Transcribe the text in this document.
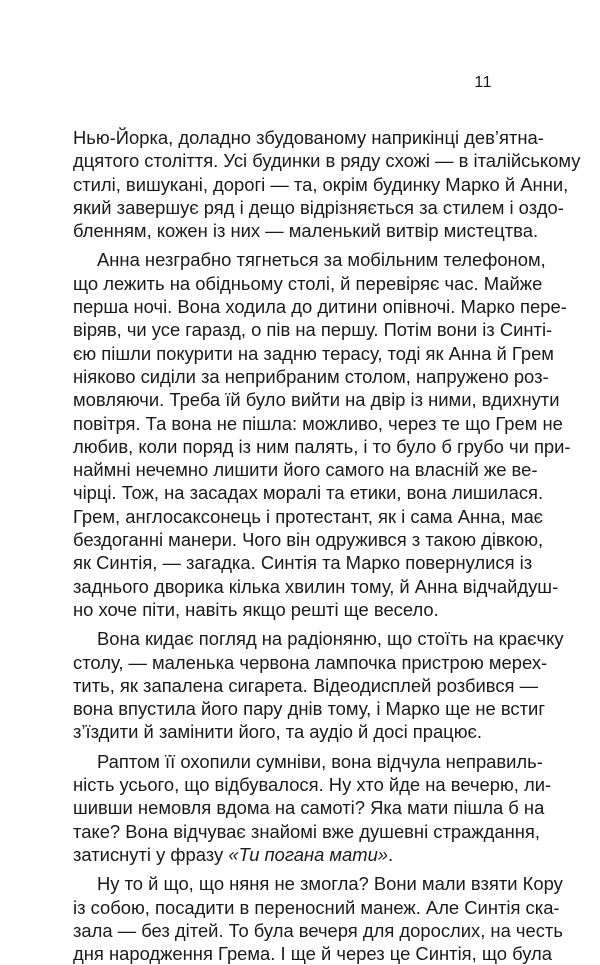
11
Нью-Йорка, доладно збудованому наприкінці дев’ятна-
дцятого століття. Усі будинки в ряду схожі — в італійському
стилі, вишукані, дорогі — та, окрім будинку Марко й Анни,
який завершує ряд і дещо відрізняється за стилем і оздо-
бленням, кожен із них — маленький витвір мистецтва.
Анна незграбно тягнеться за мобільним телефоном,
що лежить на обідньому столі, й перевіряє час. Майже
перша ночі. Вона ходила до дитини опівночі. Марко пере-
віряв, чи усе гаразд, о пів на першу. Потім вони із Синті-
єю пішли покурити на задню терасу, тоді як Анна й Грем
ніяково сиділи за неприбраним столом, напружено роз-
мовляючи. Треба їй було вийти на двір із ними, вдихнути
повітря. Та вона не пішла: можливо, через те що Грем не
любив, коли поряд із ним палять, і то було б грубо чи при-
наймні нечемно лишити його самого на власній же ве-
чірці. Тож, на засадах моралі та етики, вона лишилася.
Грем, англосаксонець і протестант, як і сама Анна, має
бездоганні манери. Чого він одружився з такою дівкою,
як Синтія, — загадка. Синтія та Марко повернулися із
заднього дворика кілька хвилин тому, й Анна відчайдуш-
но хоче піти, навіть якщо решті ще весело.
Вона кидає погляд на радіоняню, що стоїть на краєчку
столу, — маленька червона лампочка пристрою мерех-
тить, як запалена сигарета. Відеодисплей розбився —
вона впустила його пару днів тому, і Марко ще не встиг
з’їздити й замінити його, та аудіо й досі працює.
Раптом її охопили сумніви, вона відчула неправиль-
ність усього, що відбувалося. Ну хто йде на вечерю, ли-
шивши немовля вдома на самоті? Яка мати пішла б на
таке? Вона відчуває знайомі вже душевні страждання,
затиснуті у фразу «Ти погана мати».
Ну то й що, що няня не змогла? Вони мали взяти Кору
із собою, посадити в переносний манеж. Але Синтія ска-
зала — без дітей. То була вечеря для дорослих, на честь
дня народження Грема. І ще й через це Синтія, що була
